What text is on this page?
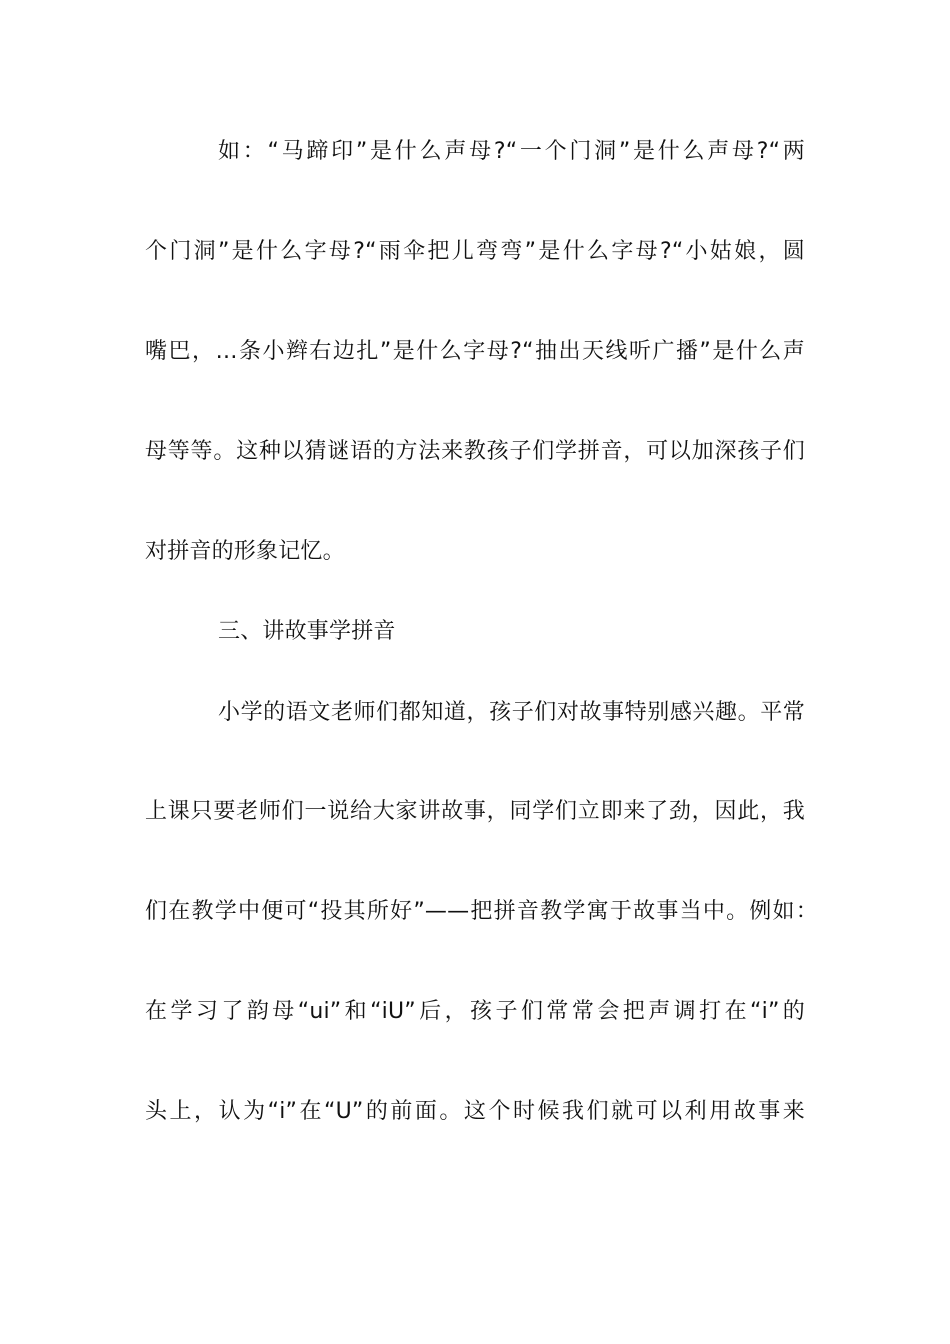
如：“马蹄印”是什么声母?“一个门洞”是什么声母?“两
个门洞”是什么字母?“雨伞把儿弯弯”是什么字母?“小姑娘，圆
嘴巴，…条小辫右边扎”是什么字母?“抽出天线听广播”是什么声
母等等。这种以猜谜语的方法来教孩子们学拼音，可以加深孩子们
对拼音的形象记忆。
三、讲故事学拼音
小学的语文老师们都知道，孩子们对故事特别感兴趣。平常
上课只要老师们一说给大家讲故事，同学们立即来了劲，因此，我
们在教学中便可“投其所好”——把拼音教学寓于故事当中。例如：
在学习了韵母“ui”和“iU”后，孩子们常常会把声调打在“i”的
头上，认为“i”在“U”的前面。这个时候我们就可以利用故事来
